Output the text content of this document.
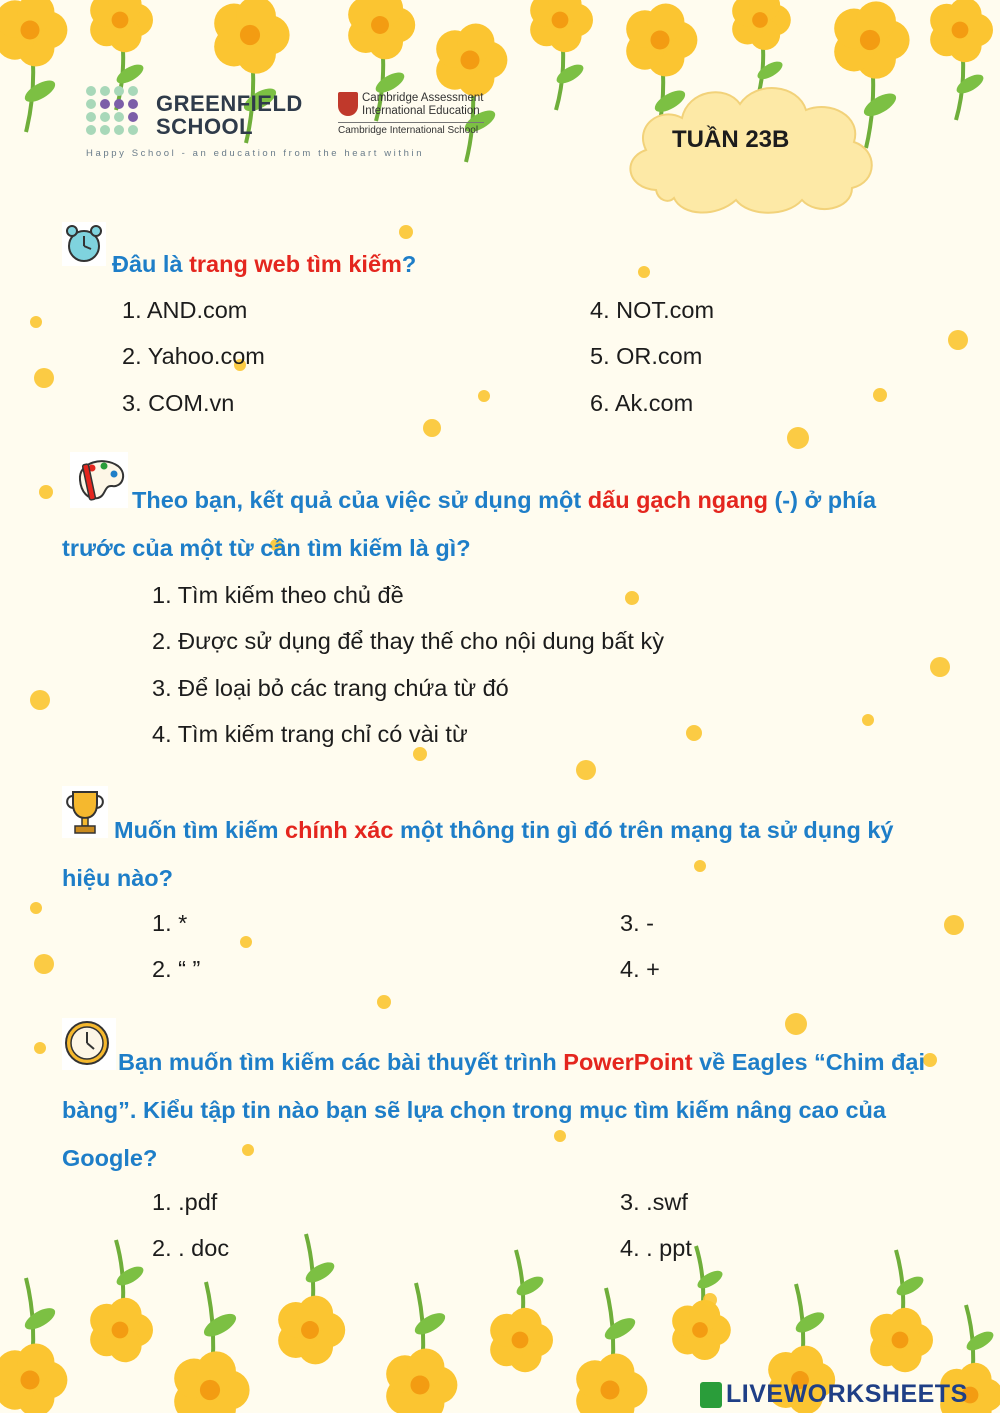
GREENFIELD
SCHOOL
Happy School - an education from the heart within
Cambridge Assessment
International Education
Cambridge International School	TUẦN 23B
Đâu là trang web tìm kiếm?
1. AND.com
2. Yahoo.com
3. COM.vn
4. NOT.com
5. OR.com
6. Ak.com
Theo bạn, kết quả của việc sử dụng một dấu gạch ngang (-) ở phía trước của một từ cần tìm kiếm là gì?
1. Tìm kiếm theo chủ đề
2. Được sử dụng để thay thế cho nội dung bất kỳ
3. Để loại bỏ các trang chứa từ đó
4. Tìm kiếm trang chỉ có vài từ
Muốn tìm kiếm chính xác một thông tin gì đó trên mạng ta sử dụng ký hiệu nào?
1. *
2. “ ”
3. -
4. +
Bạn muốn tìm kiếm các bài thuyết trình PowerPoint về Eagles “Chim đại bàng”. Kiểu tập tin nào bạn sẽ lựa chọn trong mục tìm kiếm nâng cao của Google?
1. .pdf
2. . doc
3. .swf
4. . ppt
LIVEWORKSHEETS
